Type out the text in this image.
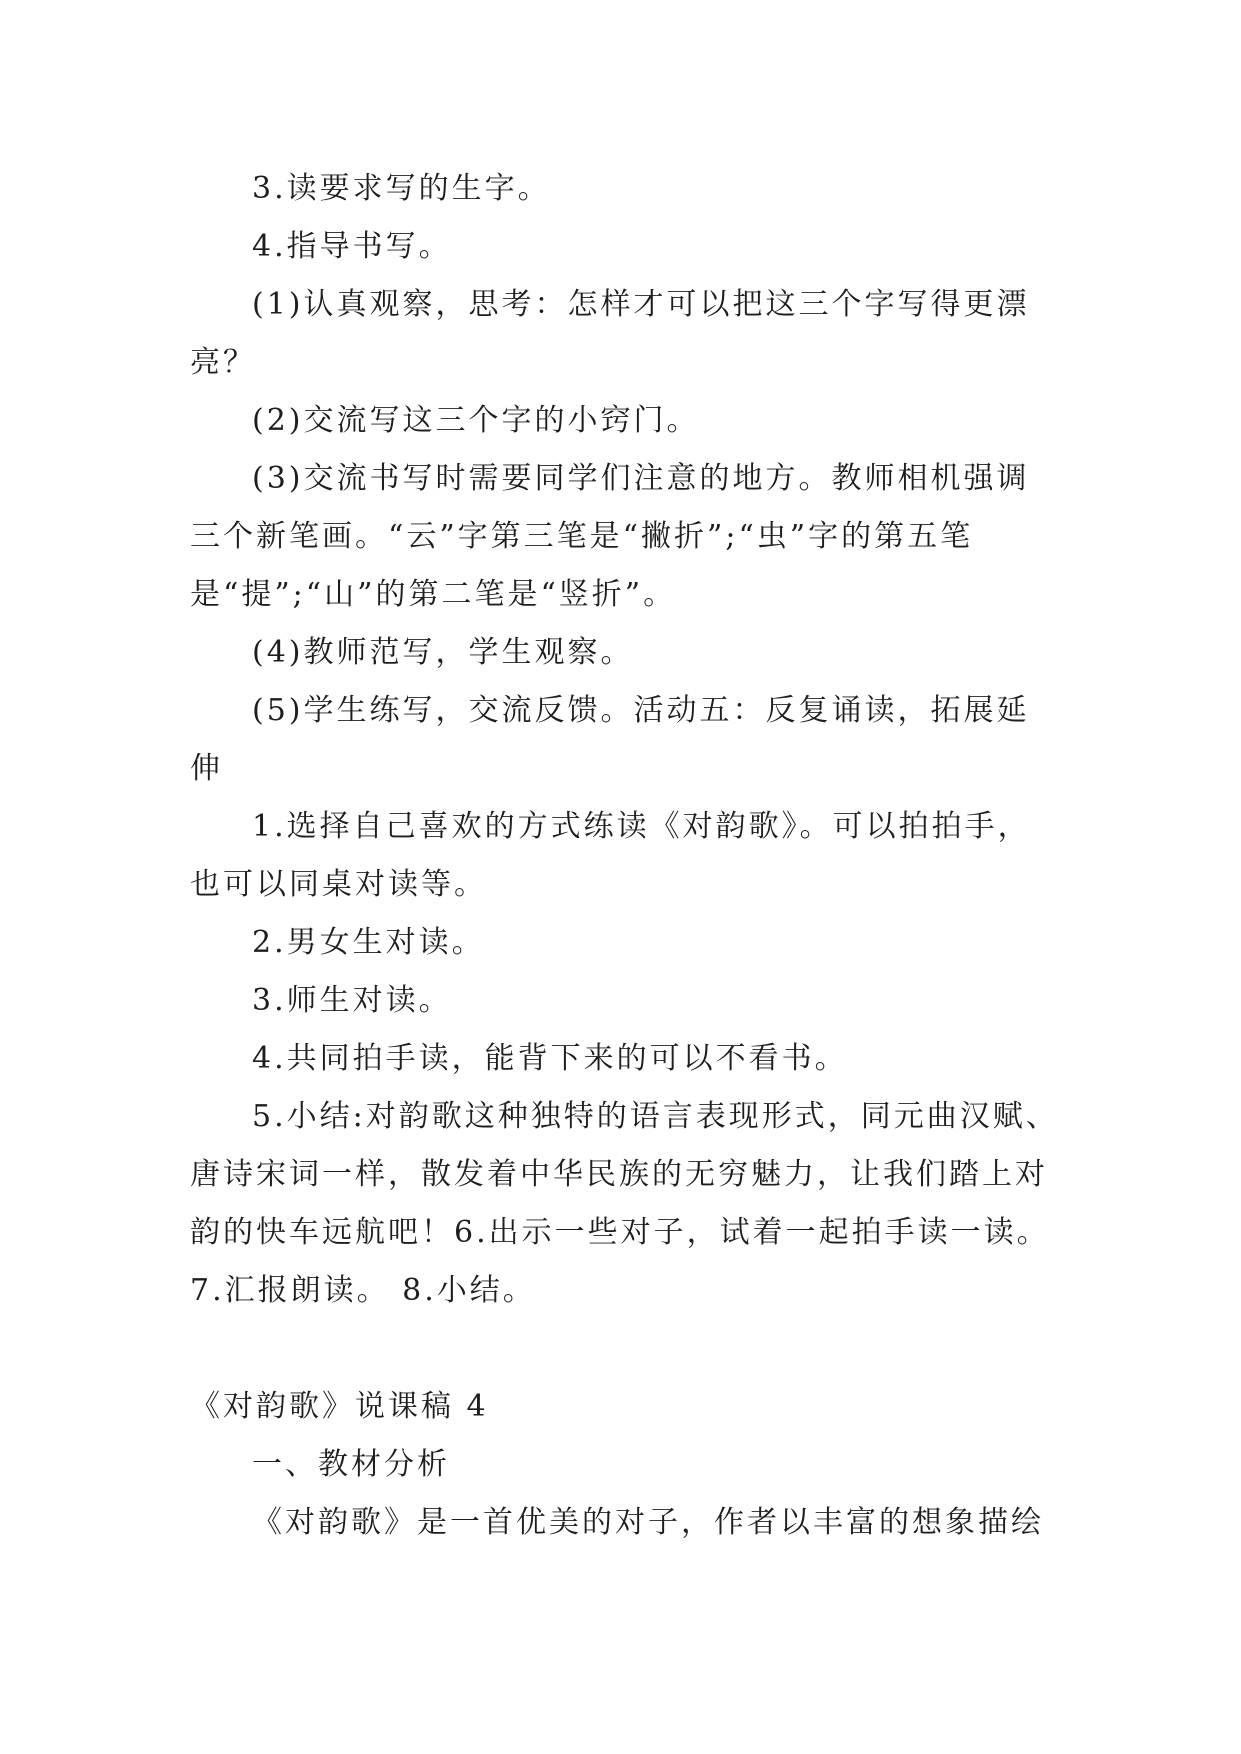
3.读要求写的生字。

4.指导书写。

(1)认真观察，思考：怎样才可以把这三个字写得更漂亮？

(2)交流写这三个字的小窍门。

(3)交流书写时需要同学们注意的地方。教师相机强调三个新笔画。“云”字第三笔是“撇折”;“虫”字的第五笔是“提”;“山”的第二笔是“竖折”。

(4)教师范写，学生观察。

(5)学生练写，交流反馈。活动五：反复诵读，拓展延伸

1.选择自己喜欢的方式练读《对韵歌》。可以拍拍手，也可以同桌对读等。

2.男女生对读。

3.师生对读。

4.共同拍手读，能背下来的可以不看书。

5.小结:对韵歌这种独特的语言表现形式，同元曲汉赋、唐诗宋词一样，散发着中华民族的无穷魅力，让我们踏上对韵的快车远航吧！6.出示一些对子，试着一起拍手读一读。7.汇报朗读。 8.小结。

《对韵歌》说课稿 4

一、教材分析

《对韵歌》是一首优美的对子，作者以丰富的想象描绘
